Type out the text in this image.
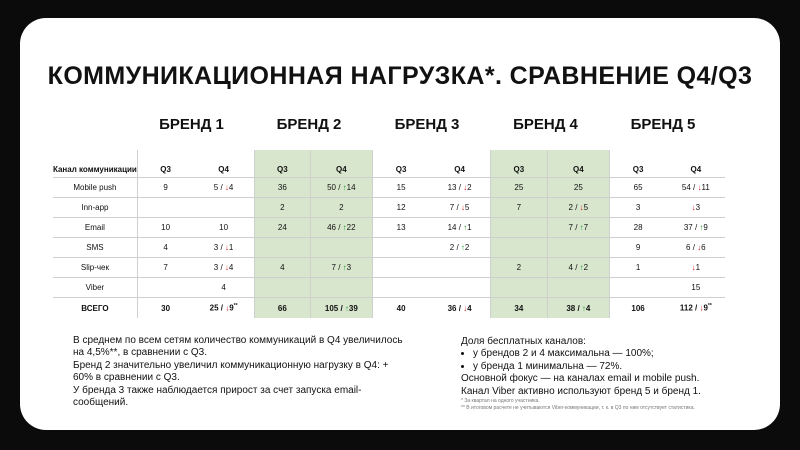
КОММУНИКАЦИОННАЯ НАГРУЗКА*. СРАВНЕНИЕ Q4/Q3
БРЕНД 1	БРЕНД 2	БРЕНД 3	БРЕНД 4	БРЕНД 5
Канал коммуникации	Q3	Q4	Q3	Q4	Q3	Q4	Q3	Q4	Q3	Q4
Mobile push	9	5 / ↓4	36	50 / ↑14	15	13 / ↓2	25	25	65	54 / ↓11
Inn-app			2	2	12	7 / ↓5	7	2 / ↓5	3	↓3
Email	10	10	24	46 / ↑22	13	14 / ↑1		7 / ↑7	28	37 / ↑9
SMS	4	3 / ↓1				2 / ↑2			9	6 / ↓6
Slip-чек	7	3 / ↓4	4	7 / ↑3			2	4 / ↑2	1	↓1
Viber		4								15
ВСЕГО	30	25 / ↓9**	66	105 / ↑39	40	36 / ↓4	34	38 / ↑4	106	112 / ↓9**
В среднем по всем сетям количество коммуникаций в Q4 увеличилось на 4,5%**, в сравнении с Q3.
Бренд 2 значительно увеличил коммуникационную нагрузку в Q4: + 60% в сравнении с Q3.
У бренда 3 также наблюдается прирост за счет запуска email-сообщений.
Доля бесплатных каналов:
• у брендов 2 и 4 максимальна — 100%;
• у бренда 1 минимальна — 72%.
Основной фокус — на каналах email и mobile push.
Канал Viber активно используют бренд 5 и бренд 1.
* За квартал на одного участника.
** В итоговом расчете не учитываются Viber-коммуникации, т. к. в Q3 по ним отсутствует статистика.
